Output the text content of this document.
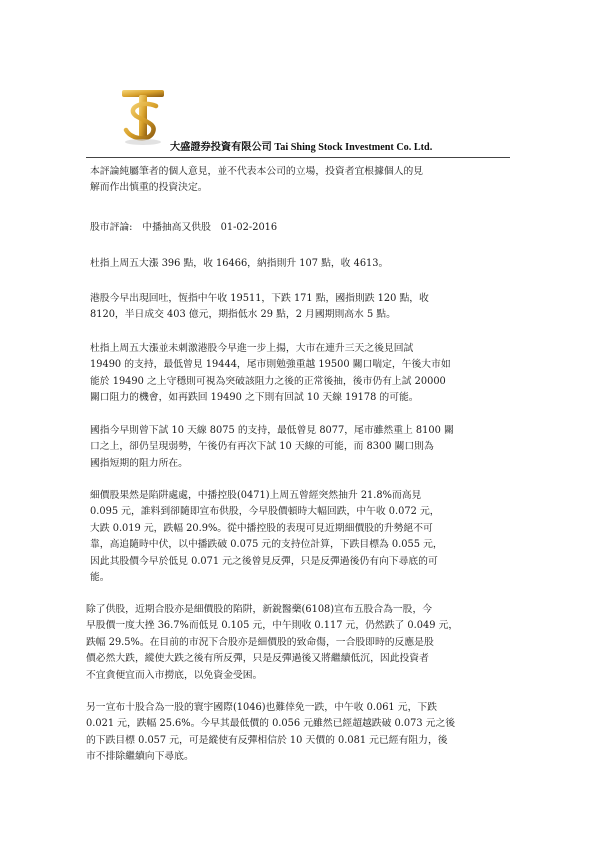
大盛證券投資有限公司 Tai Shing Stock Investment Co. Ltd.

本評論純屬筆者的個人意見，並不代表本公司的立場，投資者宜根據個人的見
解而作出慎重的投資決定。

股市評論:　中播抽高又供股　01-02-2016

杜指上周五大漲 396 點，收 16466，納指則升 107 點，收 4613。

港股今早出現回吐，恆指中午收 19511，下跌 171 點，國指則跌 120 點，收
8120，半日成交 403 億元，期指低水 29 點，2 月國期則高水 5 點。

杜指上周五大漲並未刺激港股今早進一步上揚，大市在連升三天之後見回試
19490 的支持，最低曾見 19444，尾市則勉強重越 19500 關口喘定，午後大市如
能於 19490 之上守穩則可視為突破該阻力之後的正常後抽，後市仍有上試 20000
關口阻力的機會，如再跌回 19490 之下則有回試 10 天線 19178 的可能。

國指今早則曾下試 10 天線 8075 的支持，最低曾見 8077，尾市雖然重上 8100 關
口之上，卻仍呈現弱勢，午後仍有再次下試 10 天線的可能，而 8300 關口則為
國指短期的阻力所在。

細價股果然是陷阱處處，中播控股(0471)上周五曾經突然抽升 21.8%而高見
0.095 元，誰料到卻隨即宣布供股，今早股價頓時大幅回跌，中午收 0.072 元，
大跌 0.019 元，跌幅 20.9%。從中播控股的表現可見近期細價股的升勢絕不可
靠，高追隨時中伏，以中播跌破 0.075 元的支持位計算，下跌目標為 0.055 元，
因此其股價今早於低見 0.071 元之後曾見反彈，只是反彈過後仍有向下尋底的可
能。

除了供股，近期合股亦是細價股的陷阱，新銳醫藥(6108)宣布五股合為一股，今
早股價一度大挫 36.7%而低見 0.105 元，中午則收 0.117 元，仍然跌了 0.049 元，
跌幅 29.5%。在目前的市況下合股亦是細價股的致命傷，一合股即時的反應是股
價必然大跌，縱使大跌之後有所反彈，只是反彈過後又將繼續低沉，因此投資者
不宜貪便宜而入市撈底，以免資金受困。

另一宣布十股合為一股的寰宇國際(1046)也難倖免一跌，中午收 0.061 元，下跌
0.021 元，跌幅 25.6%。今早其最低價的 0.056 元雖然已經超越跌破 0.073 元之後
的下跌目標 0.057 元，可是縱使有反彈相信於 10 天價的 0.081 元已經有阻力，後
市不排除繼續向下尋底。
